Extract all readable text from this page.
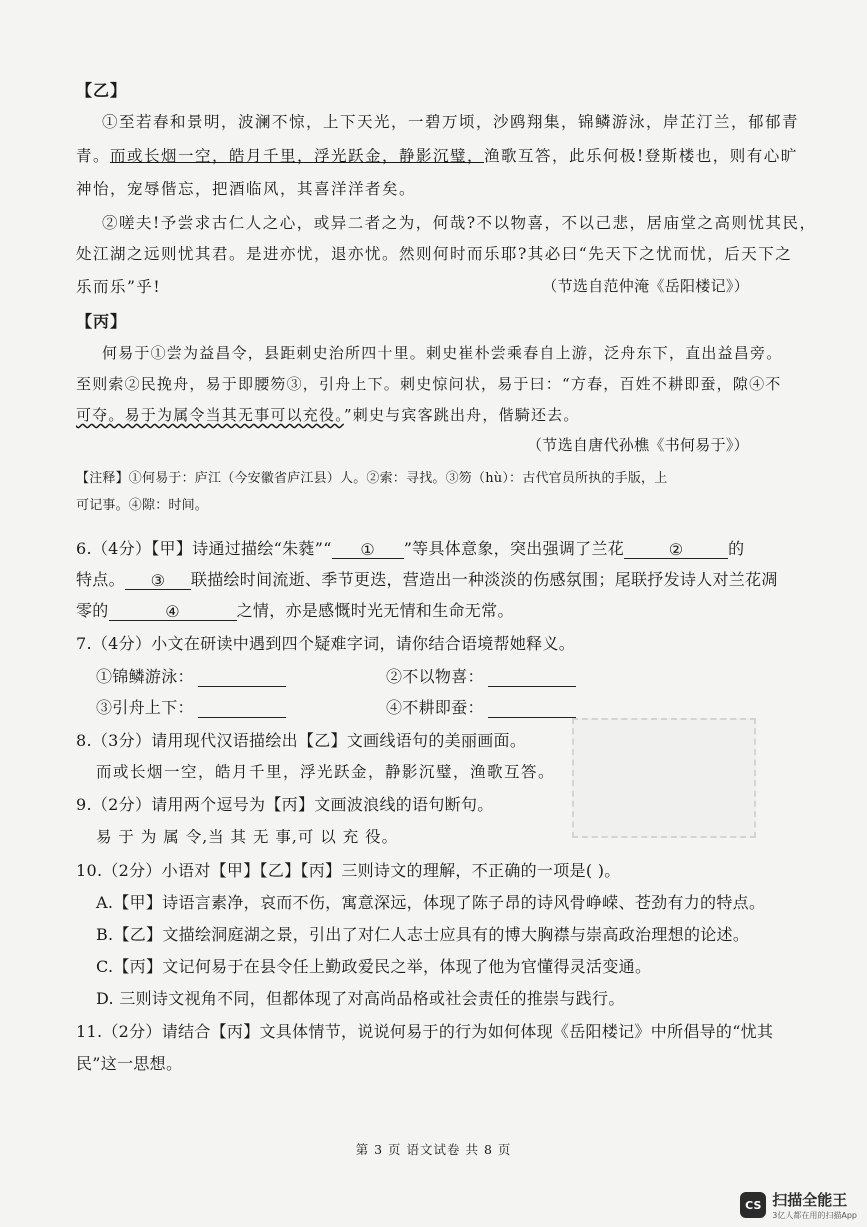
【乙】
①至若春和景明，波澜不惊，上下天光，一碧万顷，沙鸥翔集，锦鳞游泳，岸芷汀兰，郁郁青
青。而或长烟一空，皓月千里，浮光跃金，静影沉璧，渔歌互答，此乐何极!登斯楼也，则有心旷
神怡，宠辱偕忘，把酒临风，其喜洋洋者矣。
②嗟夫!予尝求古仁人之心，或异二者之为，何哉?不以物喜，不以己悲，居庙堂之高则忧其民，
处江湖之远则忧其君。是进亦忧，退亦忧。然则何时而乐耶?其必曰“先天下之忧而忧，后天下之
乐而乐”乎!	（节选自范仲淹《岳阳楼记》）
【丙】
何易于①尝为益昌令，县距刺史治所四十里。刺史崔朴尝乘春自上游，泛舟东下，直出益昌旁。
至则索②民挽舟，易于即腰笏③，引舟上下。刺史惊问状，易于曰：“方春，百姓不耕即蚕，隙④不
可夺。易于为属令当其无事可以充役。”刺史与宾客跳出舟，偕騎还去。
（节选自唐代孙樵《书何易于》）
【注释】①何易于：庐江（今安徽省庐江县）人。②索：寻找。③笏（hù）：古代官员所执的手版，上
可记事。④隙：时间。
6.（4分）【甲】诗通过描绘“朱蕤”“ ① ”等具体意象，突出强调了兰花	②	的
特点。 ③ 联描绘时间流逝、季节更迭，营造出一种淡淡的伤感氛围；尾联抒发诗人对兰花凋
零的	④	之情，亦是感慨时光无情和生命无常。
7.（4分）小文在研读中遇到四个疑难字词，请你结合语境帮她释义。
①锦鳞游泳：	②不以物喜：
③引舟上下：	④不耕即蚕：
8.（3分）请用现代汉语描绘出【乙】文画线语句的美丽画面。
而或长烟一空，皓月千里，浮光跃金，静影沉璧，渔歌互答。
9.（2分）请用两个逗号为【丙】文画波浪线的语句断句。
易 于 为 属 令,当 其 无 事,可 以 充 役。
10.（2分）小语对【甲】【乙】【丙】三则诗文的理解，不正确的一项是( )。
A.【甲】诗语言素净，哀而不伤，寓意深远，体现了陈子昂的诗风骨峥嵘、苍劲有力的特点。
B.【乙】文描绘洞庭湖之景，引出了对仁人志士应具有的博大胸襟与崇高政治理想的论述。
C.【丙】文记何易于在县令任上勤政爱民之举，体现了他为官懂得灵活变通。
D. 三则诗文视角不同，但都体现了对高尚品格或社会责任的推崇与践行。
11.（2分）请结合【丙】文具体情节，说说何易于的行为如何体现《岳阳楼记》中所倡导的“忧其
民”这一思想。
第 3 页 语文试卷 共 8 页
CS 扫描全能王
3亿人都在用的扫描App
